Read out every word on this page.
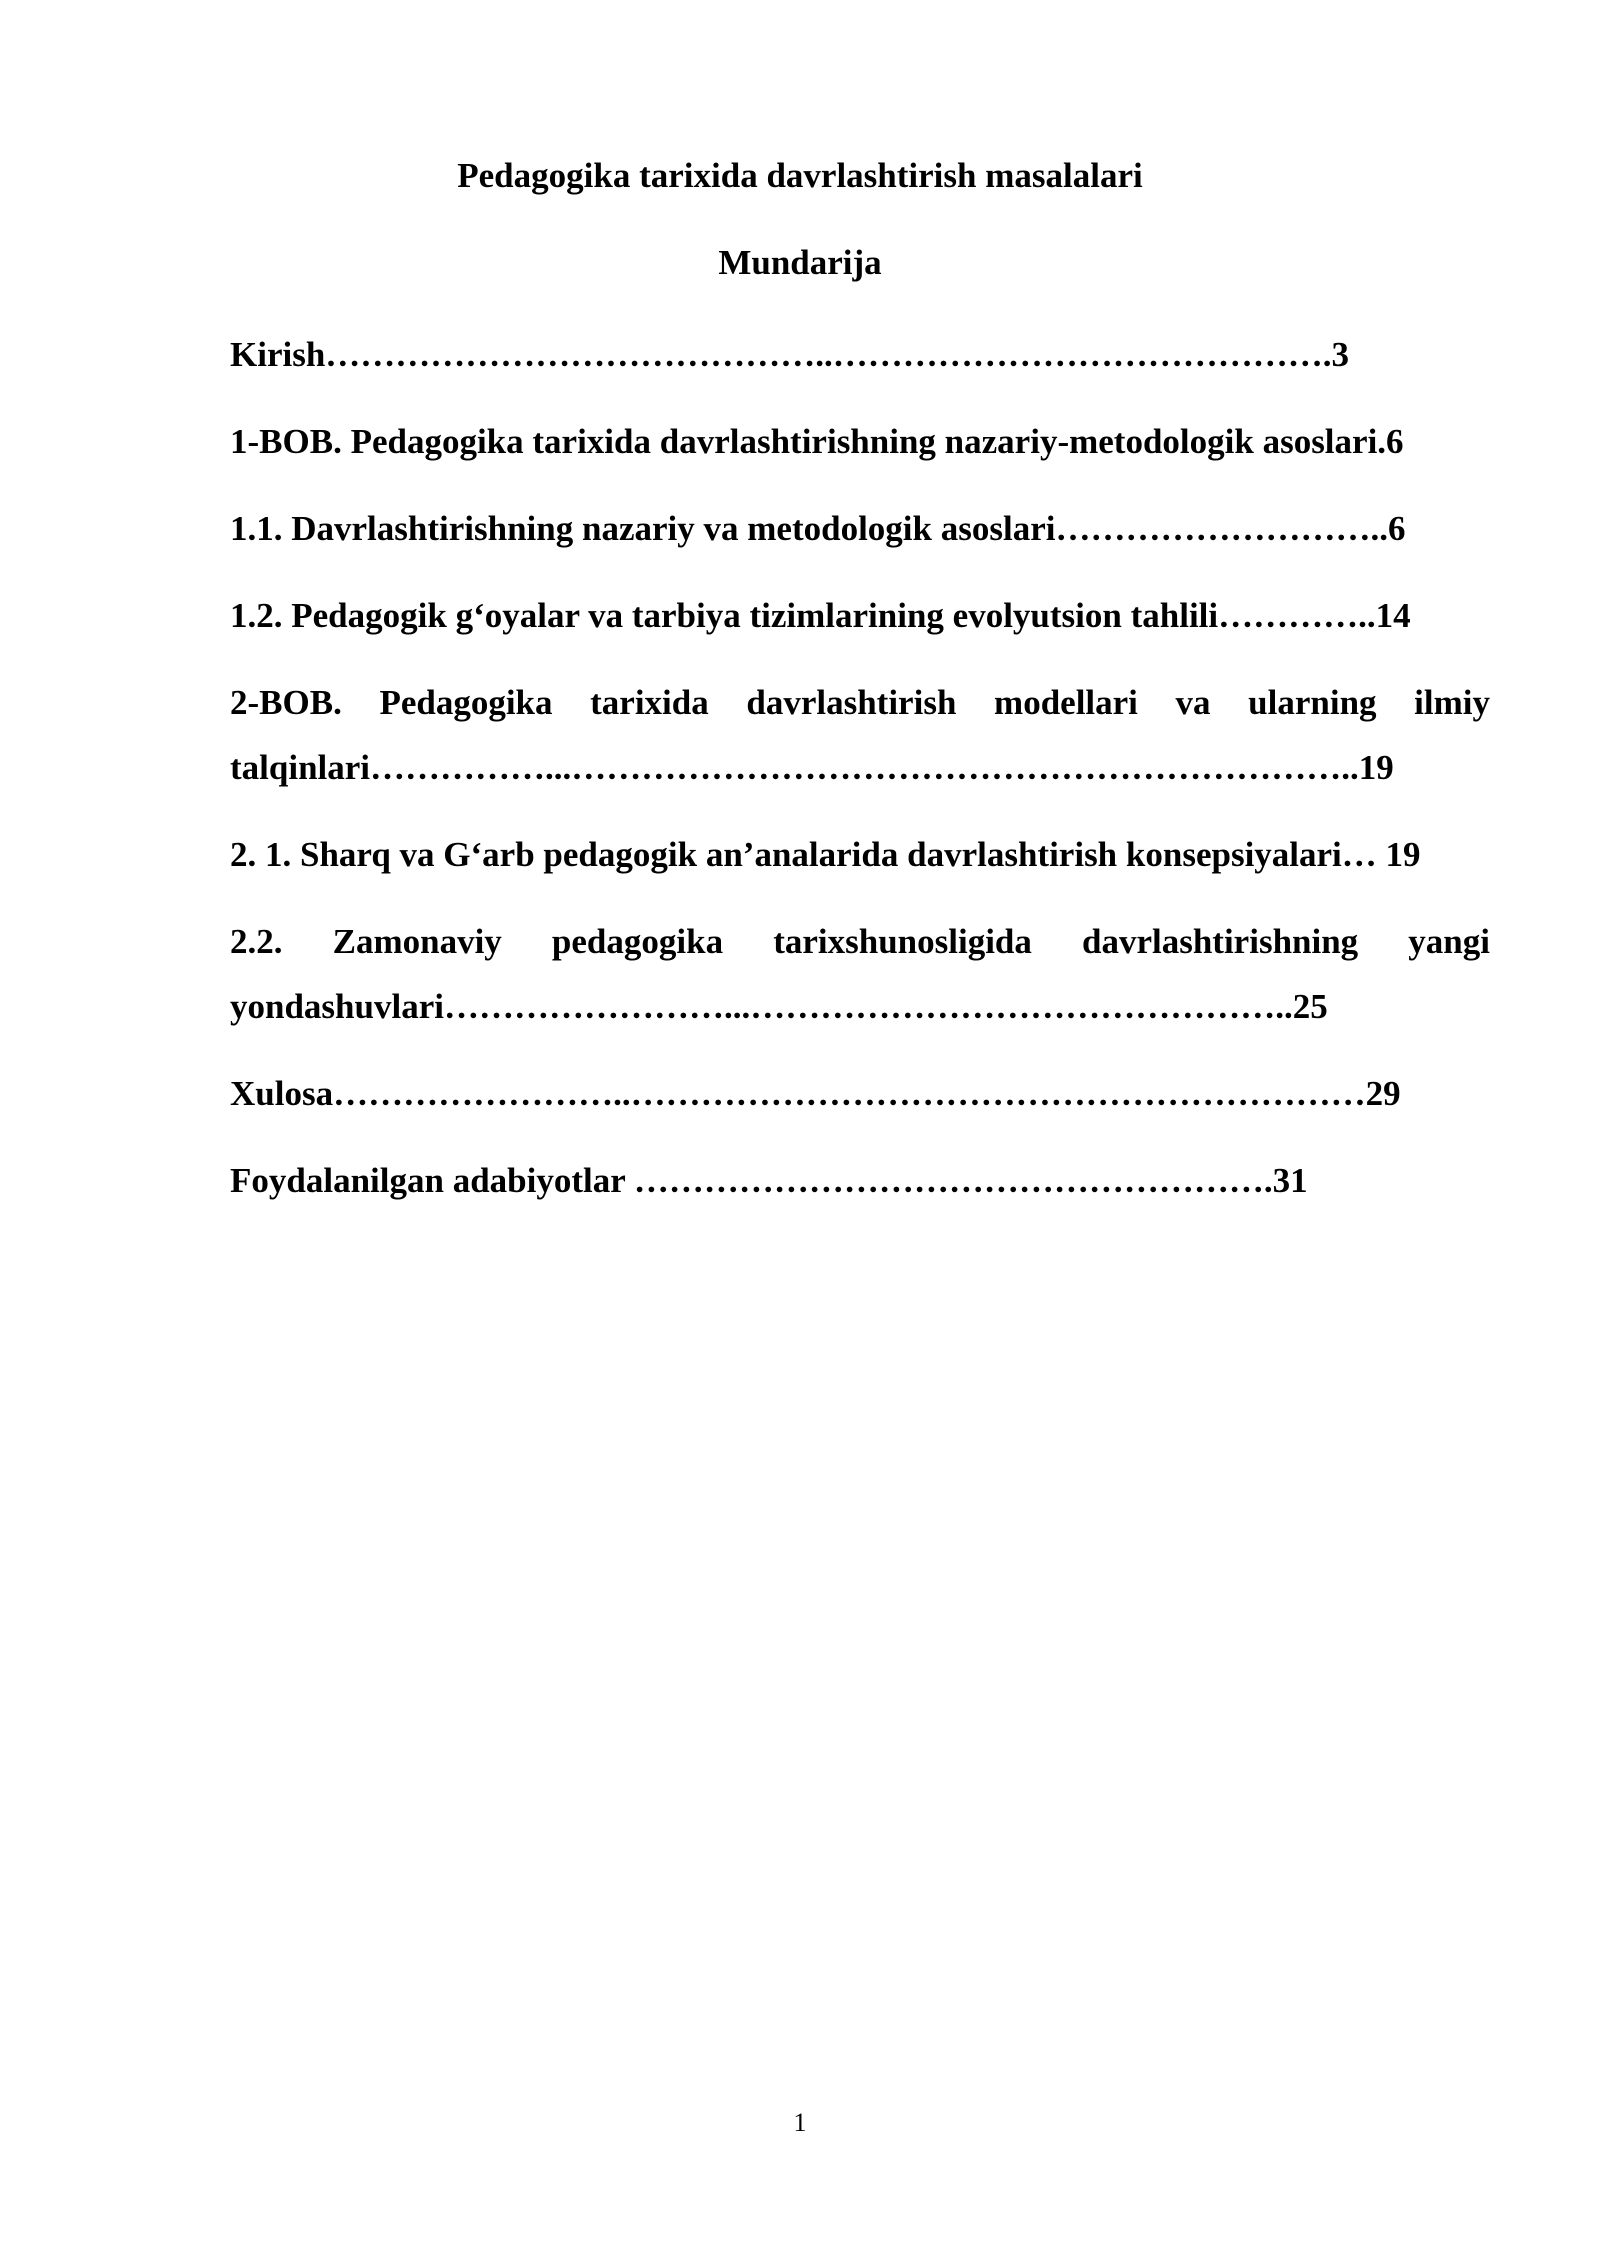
Pedagogika tarixida davrlashtirish masalalari
Mundarija
Kirish……………………………………..…………………………………….3
1-BOB. Pedagogika tarixida davrlashtirishning nazariy-metodologik asoslari.6
1.1. Davrlashtirishning nazariy va metodologik asoslari………………………..6
1.2. Pedagogik g‘oyalar va tarbiya tizimlarining evolyutsion tahlili…………..14
2-BOB. Pedagogika tarixida davrlashtirish modellari va ularning ilmiy talqinlari……………...…………………………………………………………..19
2. 1. Sharq va G‘arb pedagogik an’analarida davrlashtirish konsepsiyalari… 19
2.2. Zamonaviy pedagogika tarixshunosligida davrlashtirishning yangi yondashuvlari……………………...………………………………………..25
Xulosa……………………..………………………………………………………29
Foydalanilgan adabiyotlar ……………………………………………….31

1
